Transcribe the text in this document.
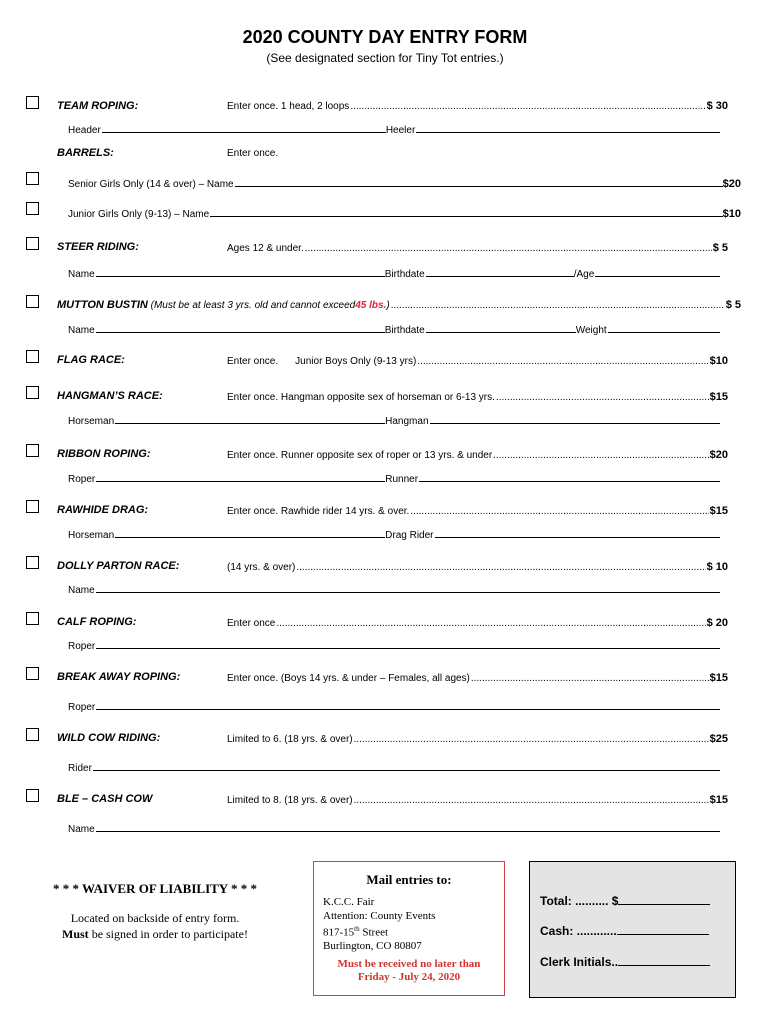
2020 COUNTY DAY ENTRY FORM
(See designated section for Tiny Tot entries.)
TEAM ROPING:	Enter once. 1 head, 2 loops .....	$ 30
Header	Heeler
BARRELS:	Enter once.
Senior Girls Only (14 & over) – Name	$20
Junior Girls Only (9-13) – Name	$10
STEER RIDING:	Ages 12 & under. .....	$ 5
Name	Birthdate	/Age
MUTTON BUSTIN
(Must be at least 3 yrs. old and cannot exceed 45 lbs. ) .....	$ 5
Name	Birthdate	Weight
FLAG RACE:	Enter once. Junior Boys Only (9-13 yrs) .....	$10
HANGMAN’S RACE:	Enter once. Hangman opposite sex of horseman or 6-13 yrs. .....	$15
Horseman	Hangman
RIBBON ROPING:	Enter once. Runner opposite sex of roper or 13 yrs. & under .....	$20
Roper	Runner
RAWHIDE DRAG:	Enter once. Rawhide rider 14 yrs. & over. .....	$15
Horseman	Drag Rider
DOLLY PARTON RACE:	(14 yrs. & over) .....	$ 10
Name
CALF ROPING:	Enter once .....	$ 20
Roper
BREAK AWAY ROPING:	Enter once. (Boys 14 yrs. & under – Females, all ages) .....	$15
Roper
WILD COW RIDING:	Limited to 6. (18 yrs. & over) .....	$25
Rider
BLE – CASH COW	Limited to 8. (18 yrs. & over) .....	$15
Name
* * * WAIVER OF LIABILITY * * *
Located on backside of entry form.
Must be signed in order to participate!
Mail entries to:
K.C.C. Fair
Attention: County Events
817-15th Street
Burlington, CO 80807
Must be received no later than
Friday - July 24, 2020
Total: .......... $
Cash: ............
Clerk Initials..
